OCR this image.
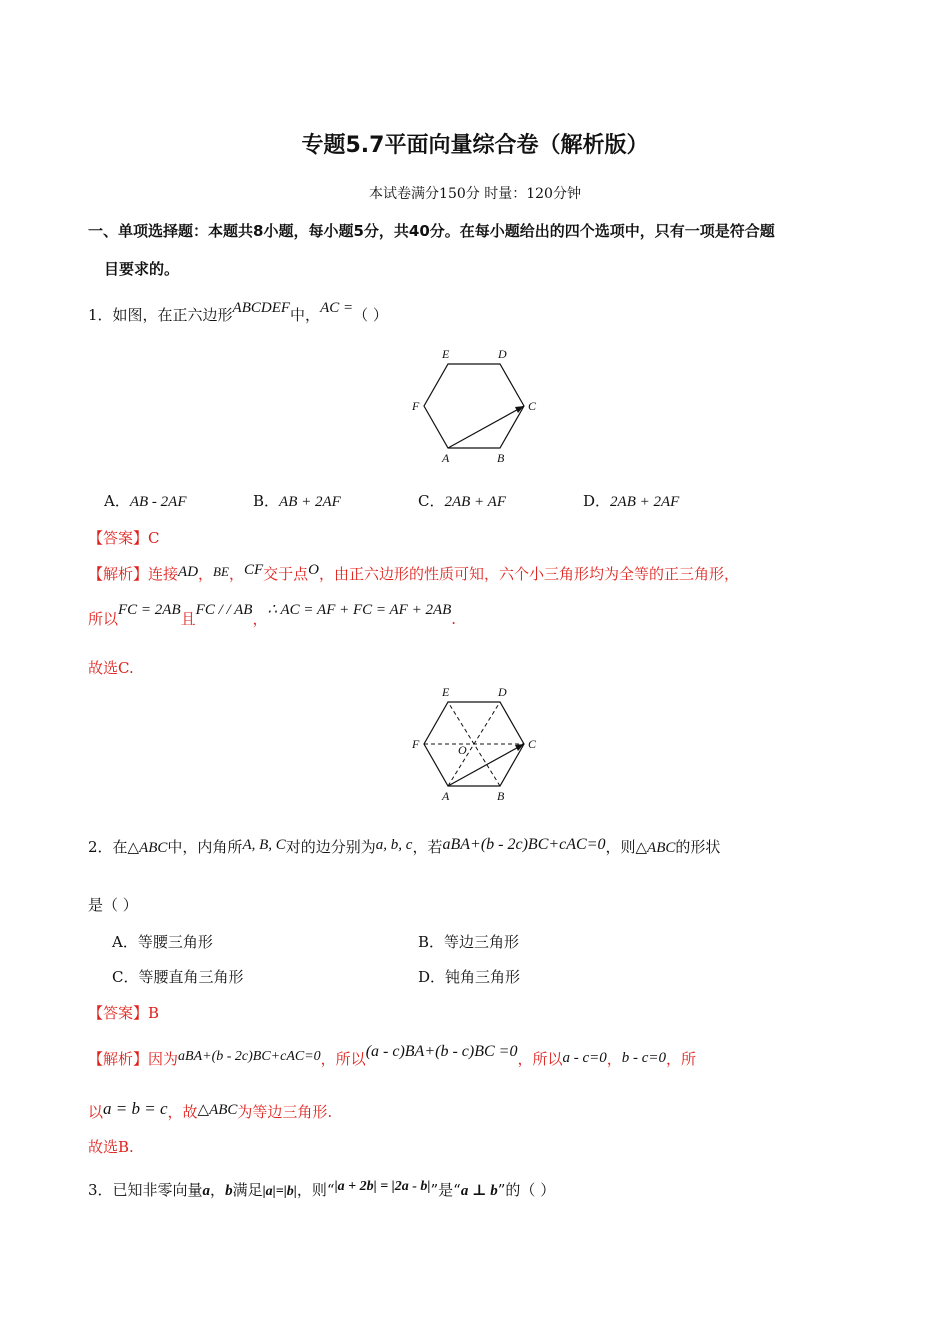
专题5.7平面向量综合卷（解析版）
本试卷满分150分 时量：120分钟
一、单项选择题：本题共8小题，每小题5分，共40分。在每小题给出的四个选项中，只有一项是符合题
目要求的。
1．如图，在正六边形ABCDEF中，AC =（ ）
E	D
F	C
A	B
A．AB - 2AF	B．AB + 2AF	C．2AB + AF	D．2AB + 2AF
【答案】C
【解析】连接AD，BE，CF交于点O，由正六边形的性质可知，六个小三角形均为全等的正三角形，
所以FC = 2AB且FC / / AB，∴ AC = AF + FC = AF + 2AB.
故选C.
E	D
F	C
O
A	B
2．在△ABC中，内角所A, B, C对的边分别为a, b, c，若aBA+(b - 2c)BC+cAC=0，则△ABC的形状
是（ ）
A．等腰三角形	B．等边三角形
C．等腰直角三角形	D．钝角三角形
【答案】B
【解析】因为aBA+(b - 2c)BC+cAC=0，所以(a - c)BA+(b - c)BC =0，所以a - c=0，b - c=0，所
以a = b = c，故△ABC为等边三角形.
故选B.
3．已知非零向量a，b满足|a|=|b|，则“|a + 2b| = |2a - b|”是“a ⊥ b”的（ ）
